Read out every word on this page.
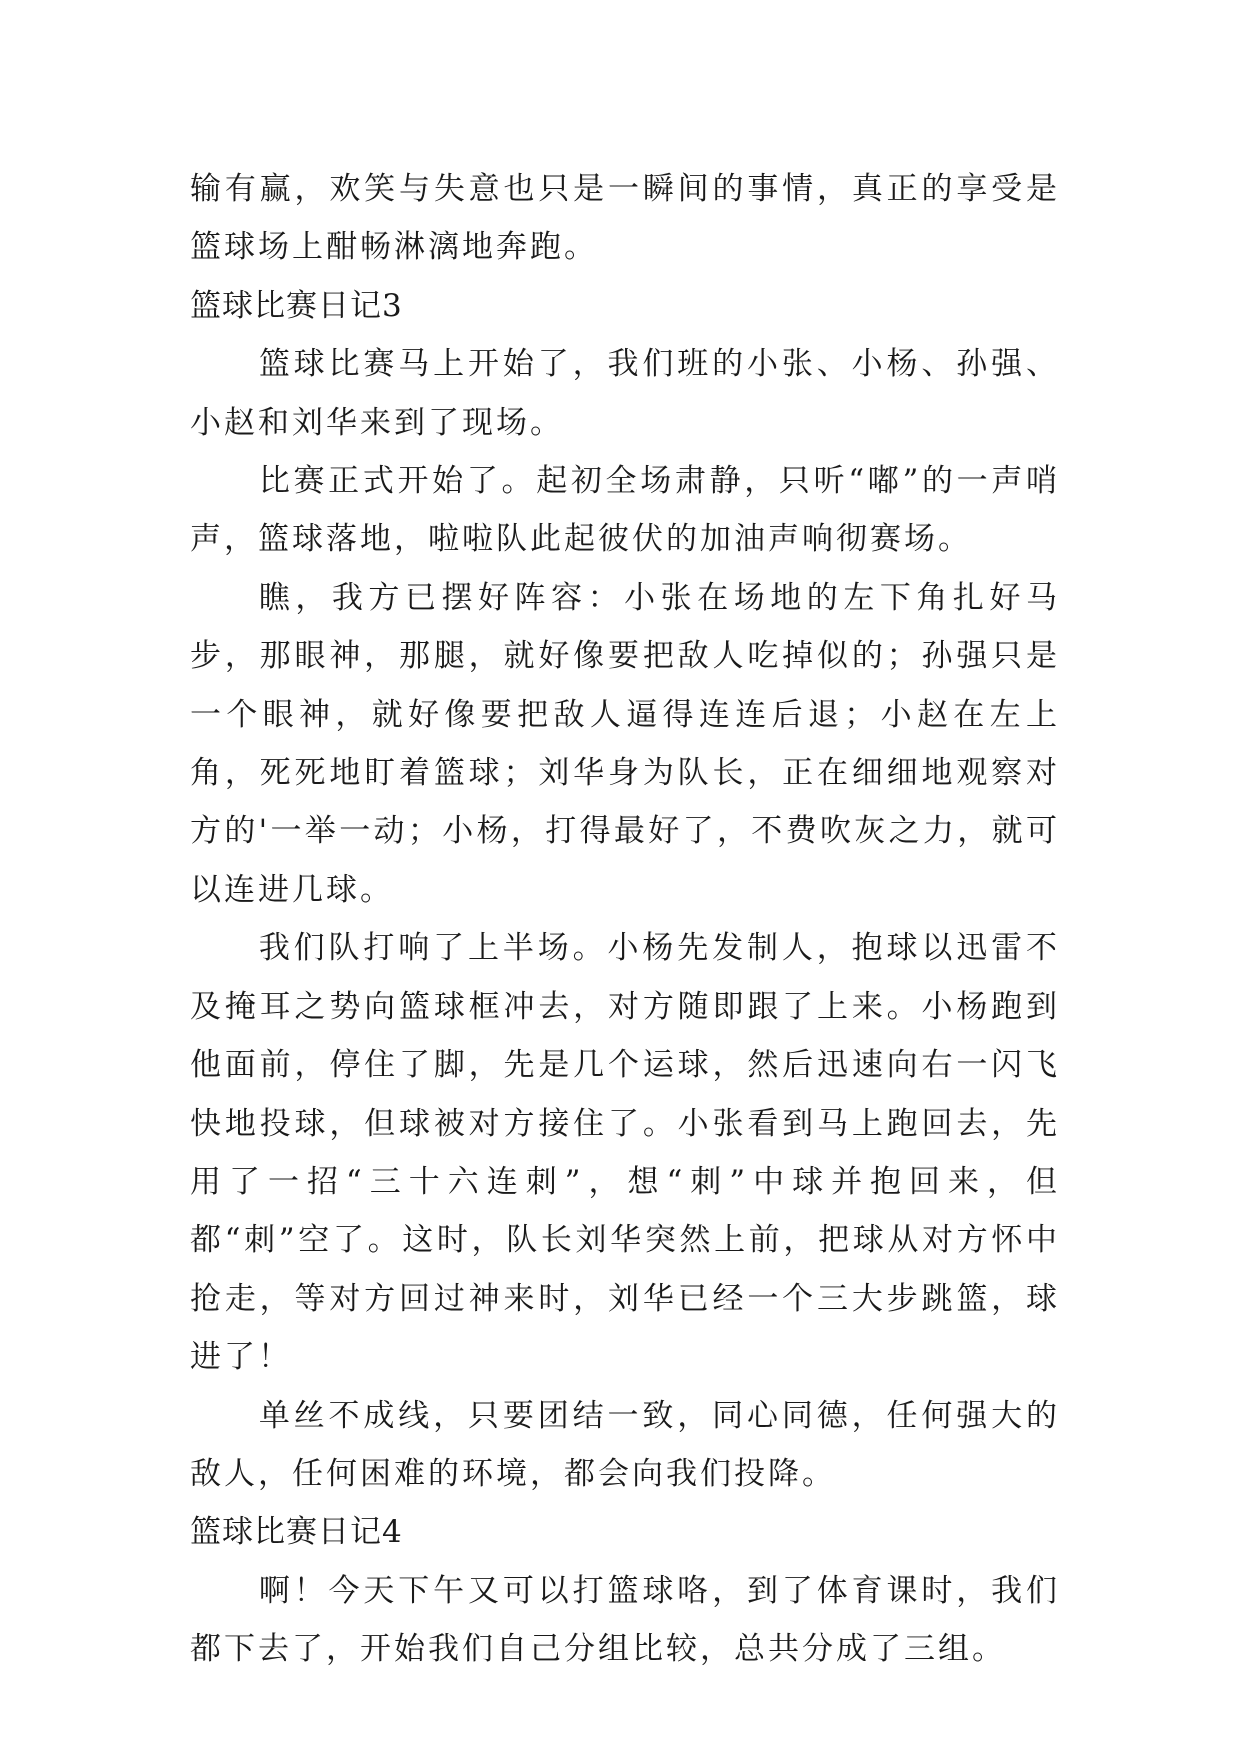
输有赢，欢笑与失意也只是一瞬间的事情，真正的享受是篮球场上酣畅淋漓地奔跑。

篮球比赛日记3

篮球比赛马上开始了，我们班的小张、小杨、孙强、小赵和刘华来到了现场。

比赛正式开始了。起初全场肃静，只听“嘟”的一声哨声，篮球落地，啦啦队此起彼伏的加油声响彻赛场。

瞧，我方已摆好阵容：小张在场地的左下角扎好马步，那眼神，那腿，就好像要把敌人吃掉似的；孙强只是一个眼神，就好像要把敌人逼得连连后退；小赵在左上角，死死地盯着篮球；刘华身为队长，正在细细地观察对方的'一举一动；小杨，打得最好了，不费吹灰之力，就可以连进几球。

我们队打响了上半场。小杨先发制人，抱球以迅雷不及掩耳之势向篮球框冲去，对方随即跟了上来。小杨跑到他面前，停住了脚，先是几个运球，然后迅速向右一闪飞快地投球，但球被对方接住了。小张看到马上跑回去，先用了一招“三十六连刺”，想“刺”中球并抱回来，但都“刺”空了。这时，队长刘华突然上前，把球从对方怀中抢走，等对方回过神来时，刘华已经一个三大步跳篮，球进了！

单丝不成线，只要团结一致，同心同德，任何强大的敌人，任何困难的环境，都会向我们投降。

篮球比赛日记4

啊！今天下午又可以打篮球咯，到了体育课时，我们都下去了，开始我们自己分组比较，总共分成了三组。
